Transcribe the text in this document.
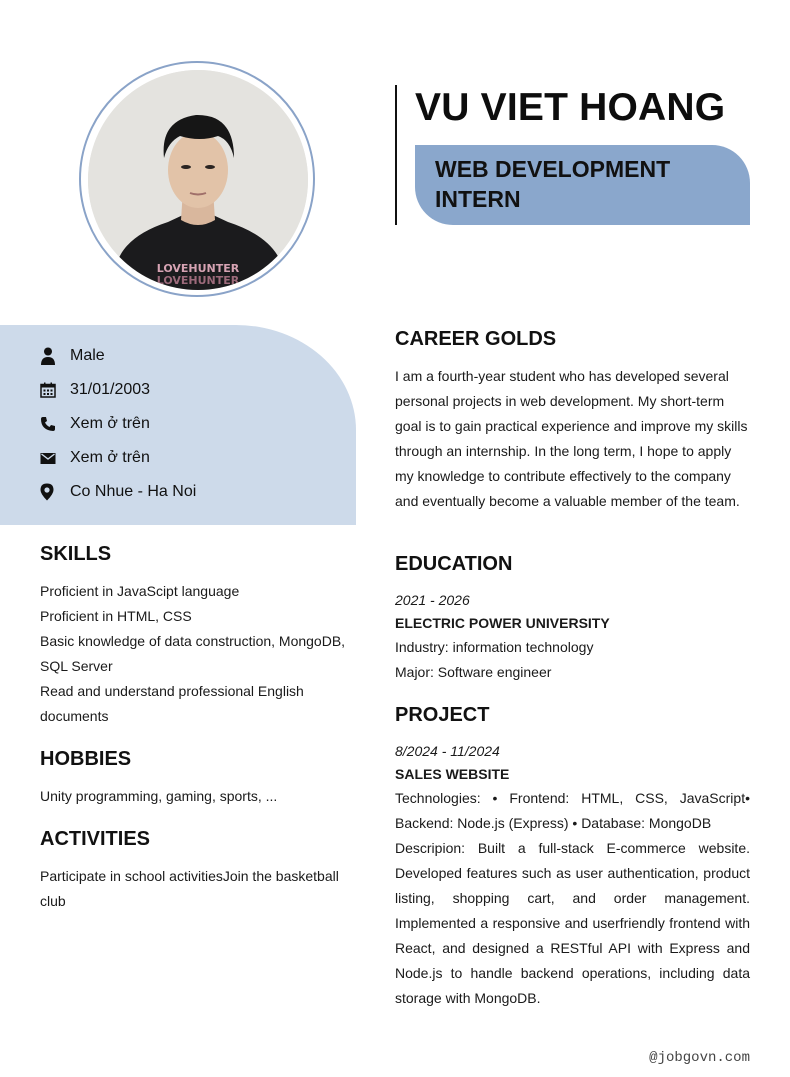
LOVEHUNTER
LOVEHUNTER
VU VIET HOANG
WEB DEVELOPMENT
INTERN
Male
31/01/2003
Xem ở trên
Xem ở trên
Co Nhue - Ha Noi
SKILLS
Proficient in JavaScipt language
Proficient in HTML, CSS
Basic knowledge of data construction, MongoDB, SQL Server
Read and understand professional English documents
HOBBIES
Unity programming, gaming, sports, ...
ACTIVITIES
Participate in school activitiesJoin the basketball club
CAREER GOLDS
I am a fourth-year student who has developed several personal projects in web development. My short-term goal is to gain practical experience and improve my skills through an internship. In the long term, I hope to apply my knowledge to contribute effectively to the company and eventually become a valuable member of the team.
EDUCATION
2021 - 2026
ELECTRIC POWER UNIVERSITY
Industry: information technology
Major: Software engineer
PROJECT
8/2024 - 11/2024
SALES WEBSITE
Technologies: • Frontend: HTML, CSS, JavaScript• Backend: Node.js (Express) • Database: MongoDB
Descripion: Built a full-stack E-commerce website. Developed features such as user authentication, product listing, shopping cart, and order management. Implemented a responsive and userfriendly frontend with React, and designed a RESTful API with Express and Node.js to handle backend operations, including data storage with MongoDB.
@jobgovn.com
